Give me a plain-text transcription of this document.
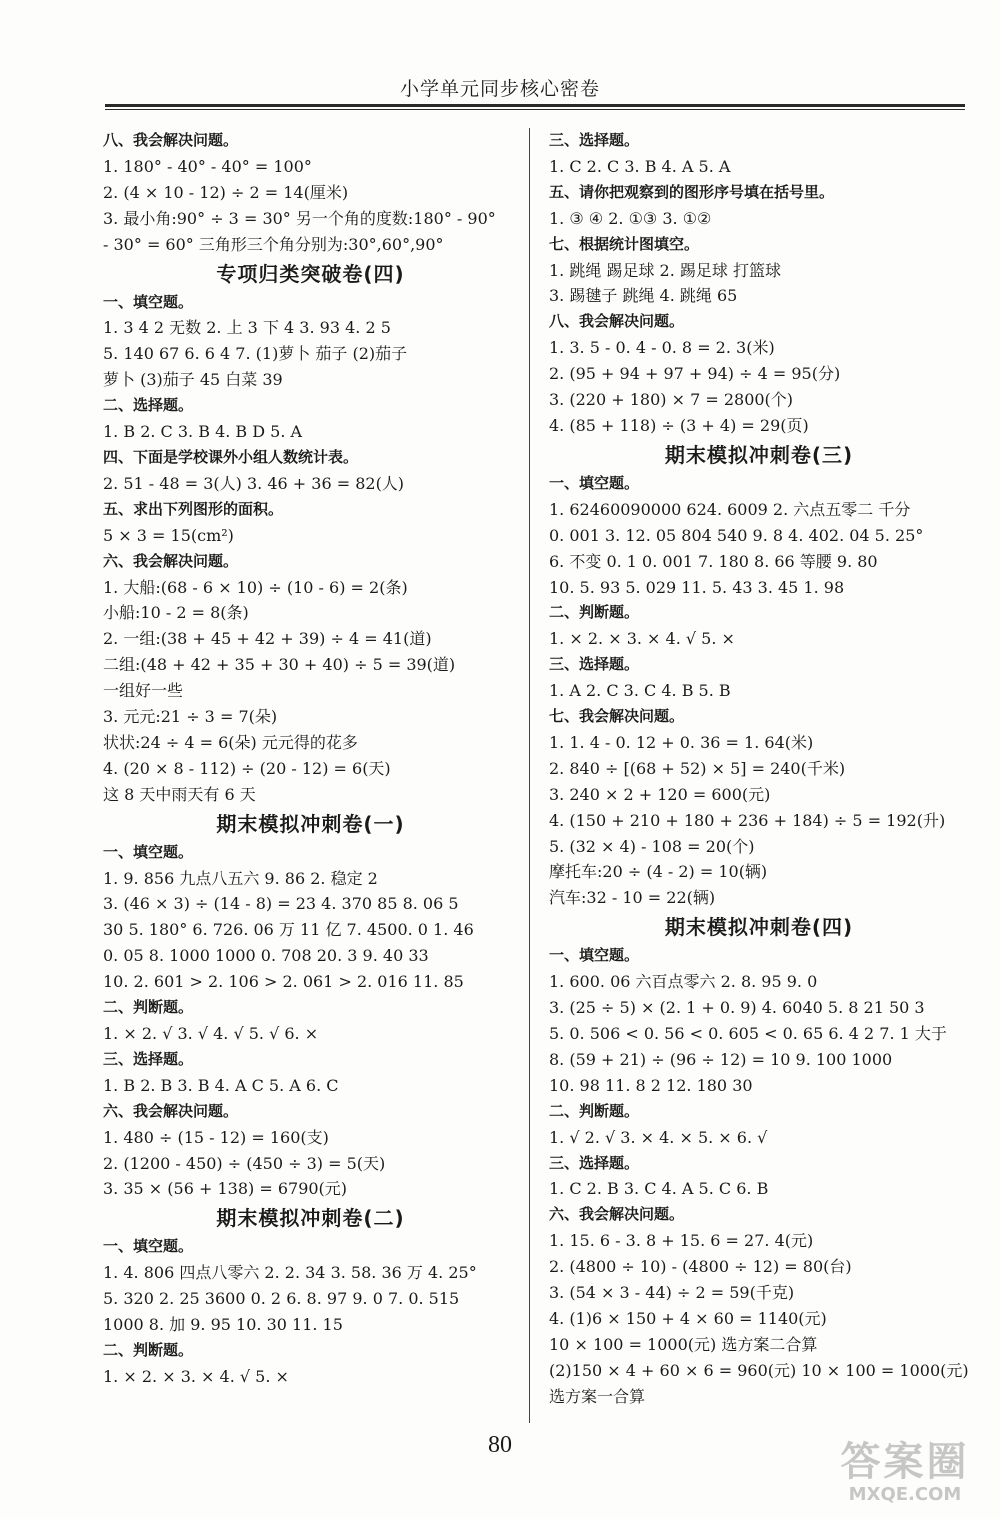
小学单元同步核心密卷
八、我会解决问题。
1. 180° - 40° - 40° = 100°
2. (4 × 10 - 12) ÷ 2 = 14(厘米)
3. 最小角:90° ÷ 3 = 30° 另一个角的度数:180° - 90°
- 30° = 60° 三角形三个角分别为:30°,60°,90°
专项归类突破卷(四)
一、填空题。
1. 3 4 2 无数 2. 上 3 下 4 3. 93 4. 2 5
5. 140 67 6. 6 4 7. (1)萝卜 茄子 (2)茄子
萝卜 (3)茄子 45 白菜 39
二、选择题。
1. B 2. C 3. B 4. B D 5. A
四、下面是学校课外小组人数统计表。
2. 51 - 48 = 3(人) 3. 46 + 36 = 82(人)
五、求出下列图形的面积。
5 × 3 = 15(cm²)
六、我会解决问题。
1. 大船:(68 - 6 × 10) ÷ (10 - 6) = 2(条)
小船:10 - 2 = 8(条)
2. 一组:(38 + 45 + 42 + 39) ÷ 4 = 41(道)
二组:(48 + 42 + 35 + 30 + 40) ÷ 5 = 39(道)
一组好一些
3. 元元:21 ÷ 3 = 7(朵)
状状:24 ÷ 4 = 6(朵) 元元得的花多
4. (20 × 8 - 112) ÷ (20 - 12) = 6(天)
这 8 天中雨天有 6 天
期末模拟冲刺卷(一)
一、填空题。
1. 9. 856 九点八五六 9. 86 2. 稳定 2
3. (46 × 3) ÷ (14 - 8) = 23 4. 370 85 8. 06 5
30 5. 180° 6. 726. 06 万 11 亿 7. 4500. 0 1. 46
0. 05 8. 1000 1000 0. 708 20. 3 9. 40 33
10. 2. 601 > 2. 106 > 2. 061 > 2. 016 11. 85
二、判断题。
1. × 2. √ 3. √ 4. √ 5. √ 6. ×
三、选择题。
1. B 2. B 3. B 4. A C 5. A 6. C
六、我会解决问题。
1. 480 ÷ (15 - 12) = 160(支)
2. (1200 - 450) ÷ (450 ÷ 3) = 5(天)
3. 35 × (56 + 138) = 6790(元)
期末模拟冲刺卷(二)
一、填空题。
1. 4. 806 四点八零六 2. 2. 34 3. 58. 36 万 4. 25°
5. 320 2. 25 3600 0. 2 6. 8. 97 9. 0 7. 0. 515
1000 8. 加 9. 95 10. 30 11. 15
二、判断题。
1. × 2. × 3. × 4. √ 5. ×
三、选择题。
1. C 2. C 3. B 4. A 5. A
五、请你把观察到的图形序号填在括号里。
1. ③ ④ 2. ①③ 3. ①②
七、根据统计图填空。
1. 跳绳 踢足球 2. 踢足球 打篮球
3. 踢毽子 跳绳 4. 跳绳 65
八、我会解决问题。
1. 3. 5 - 0. 4 - 0. 8 = 2. 3(米)
2. (95 + 94 + 97 + 94) ÷ 4 = 95(分)
3. (220 + 180) × 7 = 2800(个)
4. (85 + 118) ÷ (3 + 4) = 29(页)
期末模拟冲刺卷(三)
一、填空题。
1. 62460090000 624. 6009 2. 六点五零二 千分
0. 001 3. 12. 05 804 540 9. 8 4. 402. 04 5. 25°
6. 不变 0. 1 0. 001 7. 180 8. 66 等腰 9. 80
10. 5. 93 5. 029 11. 5. 43 3. 45 1. 98
二、判断题。
1. × 2. × 3. × 4. √ 5. ×
三、选择题。
1. A 2. C 3. C 4. B 5. B
七、我会解决问题。
1. 1. 4 - 0. 12 + 0. 36 = 1. 64(米)
2. 840 ÷ [(68 + 52) × 5] = 240(千米)
3. 240 × 2 + 120 = 600(元)
4. (150 + 210 + 180 + 236 + 184) ÷ 5 = 192(升)
5. (32 × 4) - 108 = 20(个)
摩托车:20 ÷ (4 - 2) = 10(辆)
汽车:32 - 10 = 22(辆)
期末模拟冲刺卷(四)
一、填空题。
1. 600. 06 六百点零六 2. 8. 95 9. 0
3. (25 ÷ 5) × (2. 1 + 0. 9) 4. 6040 5. 8 21 50 3
5. 0. 506 < 0. 56 < 0. 605 < 0. 65 6. 4 2 7. 1 大于
8. (59 + 21) ÷ (96 ÷ 12) = 10 9. 100 1000
10. 98 11. 8 2 12. 180 30
二、判断题。
1. √ 2. √ 3. × 4. × 5. × 6. √
三、选择题。
1. C 2. B 3. C 4. A 5. C 6. B
六、我会解决问题。
1. 15. 6 - 3. 8 + 15. 6 = 27. 4(元)
2. (4800 ÷ 10) - (4800 ÷ 12) = 80(台)
3. (54 × 3 - 44) ÷ 2 = 59(千克)
4. (1)6 × 150 + 4 × 60 = 1140(元)
10 × 100 = 1000(元) 选方案二合算
(2)150 × 4 + 60 × 6 = 960(元) 10 × 100 = 1000(元)
选方案一合算
80	答案圈
MXQE.COM
